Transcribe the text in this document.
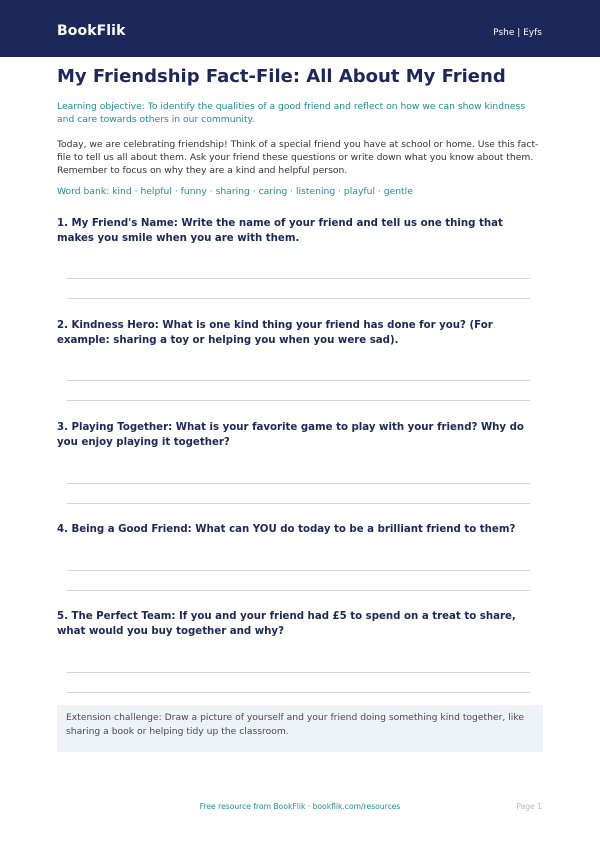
BookFlik	Pshe | Eyfs
My Friendship Fact-File: All About My Friend
Learning objective: To identify the qualities of a good friend and reflect on how we can show kindness and care towards others in our community.
Today, we are celebrating friendship! Think of a special friend you have at school or home. Use this fact-file to tell us all about them. Ask your friend these questions or write down what you know about them. Remember to focus on why they are a kind and helpful person.
Word bank: kind · helpful · funny · sharing · caring · listening · playful · gentle
1. My Friend's Name: Write the name of your friend and tell us one thing that makes you smile when you are with them.
2. Kindness Hero: What is one kind thing your friend has done for you? (For example: sharing a toy or helping you when you were sad).
3. Playing Together: What is your favorite game to play with your friend? Why do you enjoy playing it together?
4. Being a Good Friend: What can YOU do today to be a brilliant friend to them?
5. The Perfect Team: If you and your friend had £5 to spend on a treat to share, what would you buy together and why?
Extension challenge: Draw a picture of yourself and your friend doing something kind together, like sharing a book or helping tidy up the classroom.
Free resource from BookFlik · bookflik.com/resources	Page 1
